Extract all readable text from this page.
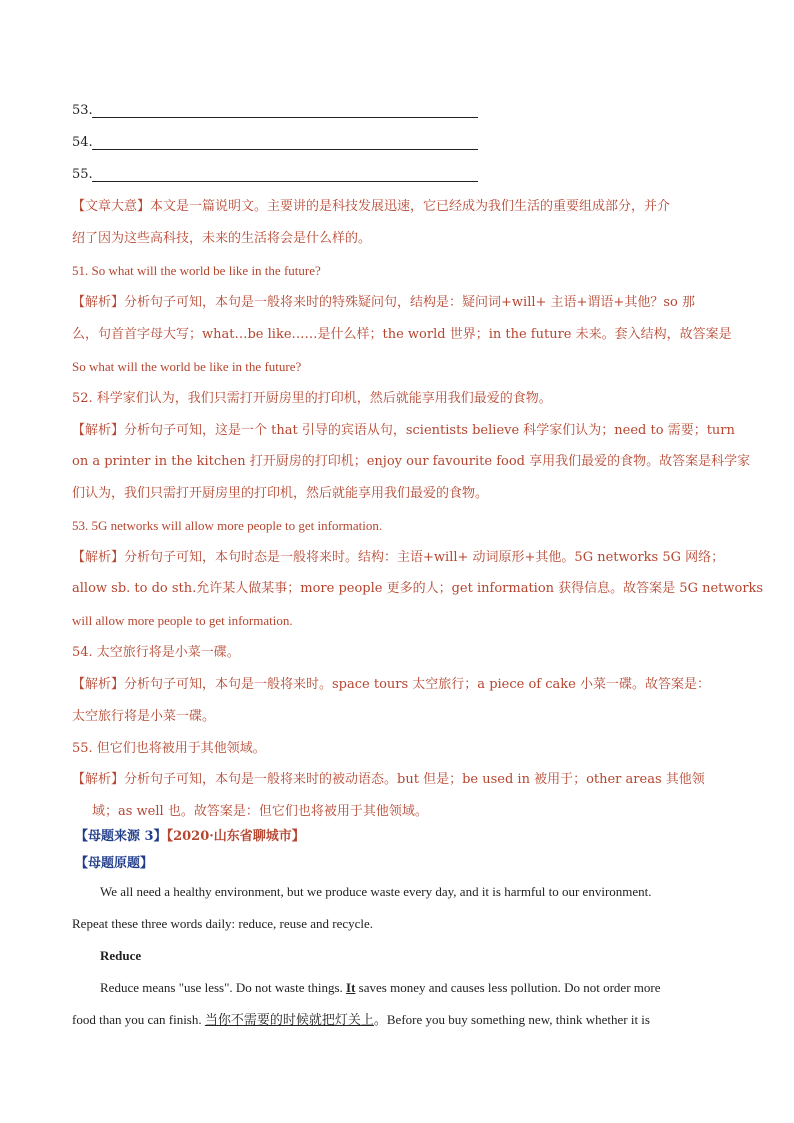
53.
54.
55.
【文章大意】本文是一篇说明文。主要讲的是科技发展迅速，它已经成为我们生活的重要组成部分，并介
绍了因为这些高科技，未来的生活将会是什么样的。
51. So what will the world be like in the future?
【解析】分析句子可知，本句是一般将来时的特殊疑问句，结构是：疑问词+will+ 主语+谓语+其他？so 那
么，句首首字母大写；what…be like……是什么样；the world 世界；in the future 未来。套入结构，故答案是
So what will the world be like in the future?
52. 科学家们认为，我们只需打开厨房里的打印机，然后就能享用我们最爱的食物。
【解析】分析句子可知，这是一个 that 引导的宾语从句，scientists believe 科学家们认为；need to 需要；turn
on a printer in the kitchen 打开厨房的打印机；enjoy our favourite food 享用我们最爱的食物。故答案是科学家
们认为，我们只需打开厨房里的打印机，然后就能享用我们最爱的食物。
53. 5G networks will allow more people to get information.
【解析】分析句子可知，本句时态是一般将来时。结构：主语+will+ 动词原形+其他。5G networks 5G 网络；
allow sb. to do sth.允许某人做某事；more people 更多的人；get information 获得信息。故答案是 5G networks
will allow more people to get information.
54. 太空旅行将是小菜一碟。
【解析】分析句子可知，本句是一般将来时。space tours 太空旅行；a piece of cake 小菜一碟。故答案是：
太空旅行将是小菜一碟。
55. 但它们也将被用于其他领域。
【解析】分析句子可知，本句是一般将来时的被动语态。but 但是；be used in 被用于；other areas 其他领
域；as well 也。故答案是：但它们也将被用于其他领域。
【母题来源 3】【2020·山东省聊城市】
【母题原题】
We all need a healthy environment, but we produce waste every day, and it is harmful to our environment.
Repeat these three words daily: reduce, reuse and recycle.
Reduce
Reduce means "use less". Do not waste things. It saves money and causes less pollution. Do not order more
food than you can finish. 当你不需要的时候就把灯关上。Before you buy something new, think whether it is
